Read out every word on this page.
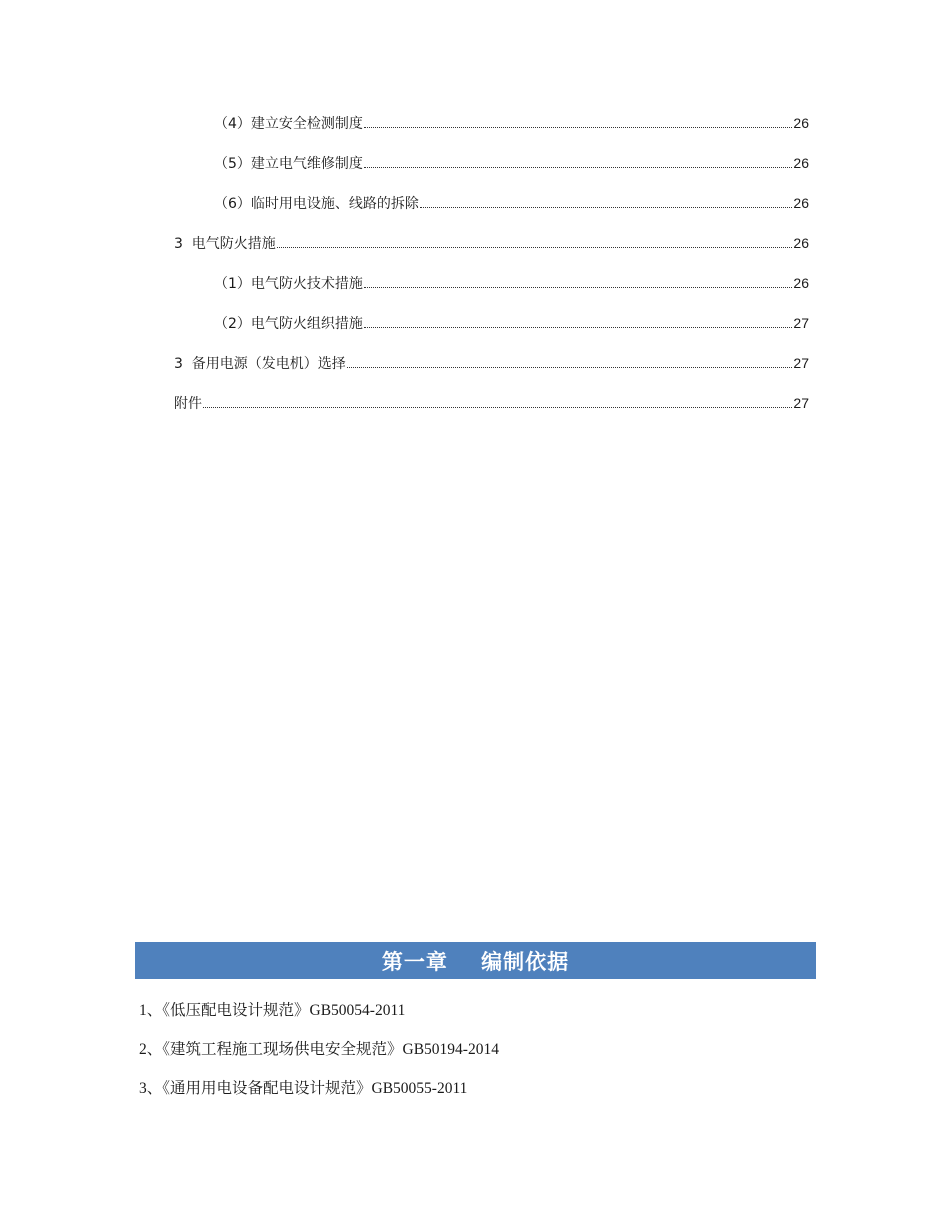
（4）建立安全检测制度	26
（5）建立电气维修制度	26
（6）临时用电设施、线路的拆除	26
3  电气防火措施	26
（1）电气防火技术措施	26
（2）电气防火组织措施	27
3  备用电源（发电机）选择	27
附件	27
第一章    编制依据
1、《低压配电设计规范》GB50054-2011
2、《建筑工程施工现场供电安全规范》GB50194-2014
3、《通用用电设备配电设计规范》GB50055-2011
